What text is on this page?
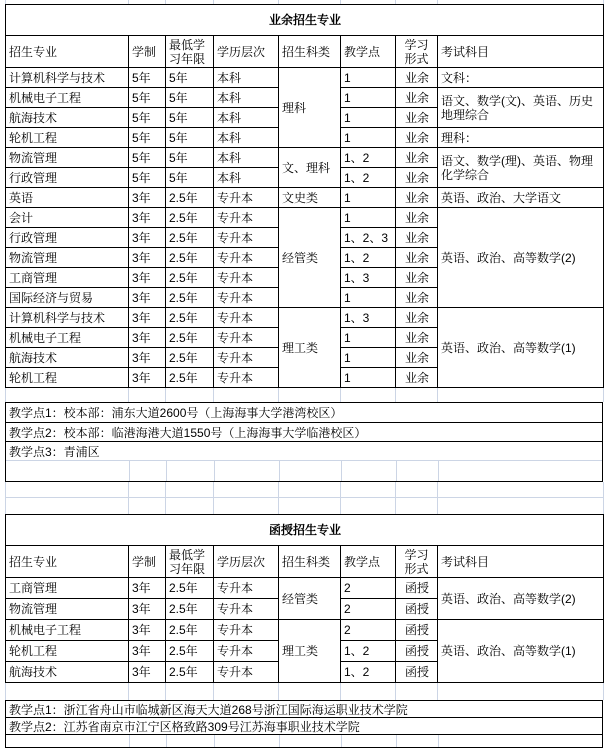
业余招生专业							
招生专业	学制	最低学习年限	学历层次	招生科类	教学点	学习形式	考试科目
计算机科学与技术	5年	5年	本科	理科	1	业余	文科：
机械电子工程	5年	5年	本科		1	业余	语文、数学(文)、英语、历史地理综合
航海技术	5年	5年	本科		1	业余	
轮机工程	5年	5年	本科		1	业余	理科：
物流管理	5年	5年	本科	文、理科	1、2	业余	语文、数学(理)、英语、物理化学综合
行政管理	5年	5年	本科		1、2	业余	
英语	3年	2.5年	专升本	文史类	1	业余	英语、政治、大学语文
会计	3年	2.5年	专升本	经管类	1	业余	英语、政治、高等数学(2)
行政管理	3年	2.5年	专升本		1、2、3	业余	
物流管理	3年	2.5年	专升本		1、2	业余	
工商管理	3年	2.5年	专升本		1、3	业余	
国际经济与贸易	3年	2.5年	专升本		1	业余	
计算机科学与技术	3年	2.5年	专升本	理工类	1、3	业余	英语、政治、高等数学(1)
机械电子工程	3年	2.5年	专升本		1	业余	
航海技术	3年	2.5年	专升本		1	业余	
轮机工程	3年	2.5年	专升本		1	业余	

教学点1：校本部：浦东大道2600号（上海海事大学港湾校区）
教学点2：校本部：临港海港大道1550号（上海海事大学临港校区）
教学点3：青浦区

函授招生专业							
招生专业	学制	最低学习年限	学历层次	招生科类	教学点	学习形式	考试科目
工商管理	3年	2.5年	专升本	经管类	2	函授	英语、政治、高等数学(2)
物流管理	3年	2.5年	专升本		2	函授	
机械电子工程	3年	2.5年	专升本	理工类	2	函授	英语、政治、高等数学(1)
轮机工程	3年	2.5年	专升本		1、2	函授	
航海技术	3年	2.5年	专升本		1、2	函授	

教学点1：浙江省舟山市临城新区海天大道268号浙江国际海运职业技术学院
教学点2：江苏省南京市江宁区格致路309号江苏海事职业技术学院
